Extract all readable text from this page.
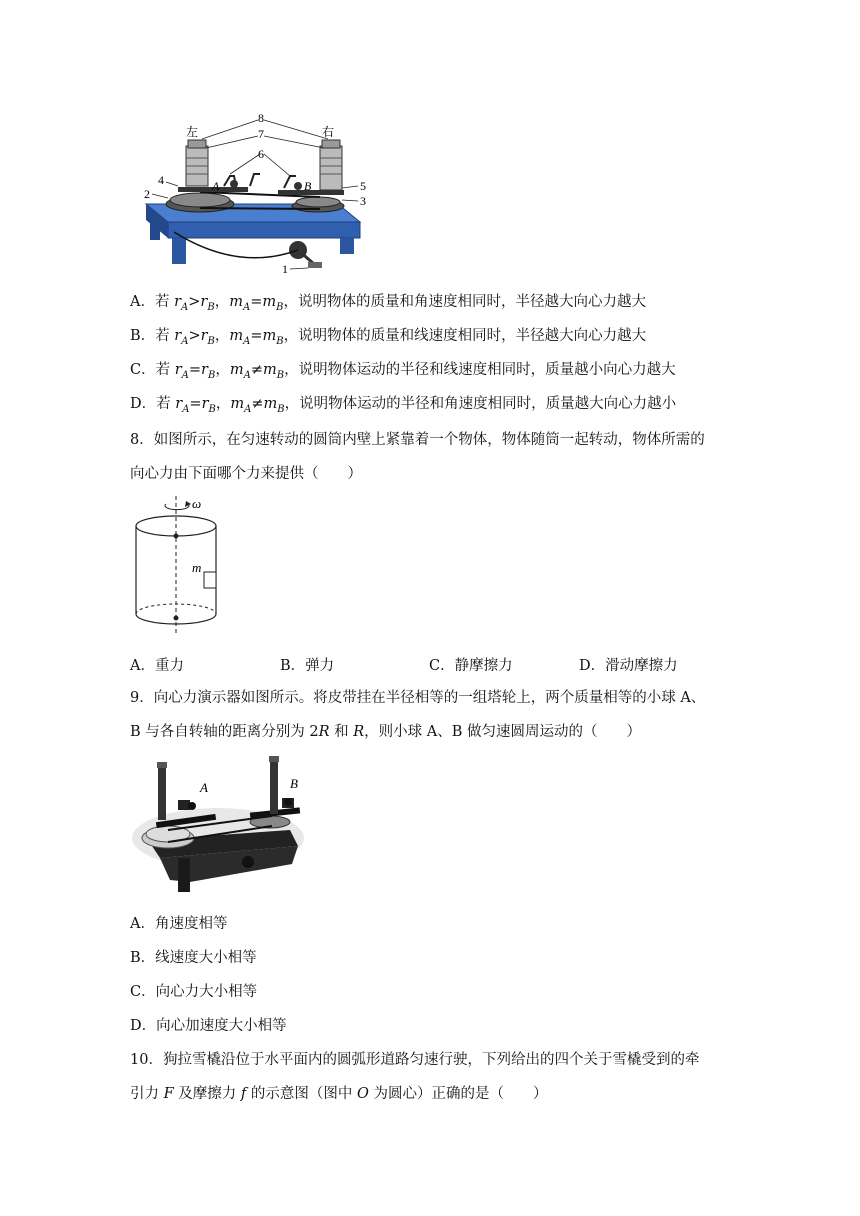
左	右
8
7
6
5
4
3
2
1
A	B
A．若 $r_A>r_B$，$m_A=m_B$，说明物体的质量和角速度相同时，半径越大向心力越大
B．若 $r_A>r_B$，$m_A=m_B$，说明物体的质量和线速度相同时，半径越大向心力越大
C．若 $r_A=r_B$，$m_A\ne m_B$，说明物体运动的半径和线速度相同时，质量越小向心力越大
D．若 $r_A=r_B$，$m_A\ne m_B$，说明物体运动的半径和角速度相同时，质量越大向心力越小
8．如图所示，在匀速转动的圆筒内壁上紧靠着一个物体，物体随筒一起转动，物体所需的
向心力由下面哪个力来提供（　　）
ω
m
A．重力	B．弹力	C．静摩擦力	D．滑动摩擦力
9．向心力演示器如图所示。将皮带挂在半径相等的一组塔轮上，两个质量相等的小球 A、
B 与各自转轴的距离分别为 2R 和 R，则小球 A、B 做匀速圆周运动的（　　）
A	B
A．角速度相等
B．线速度大小相等
C．向心力大小相等
D．向心加速度大小相等
10．狗拉雪橇沿位于水平面内的圆弧形道路匀速行驶，下列给出的四个关于雪橇受到的牵
引力 F 及摩擦力 f 的示意图（图中 O 为圆心）正确的是（　　）
